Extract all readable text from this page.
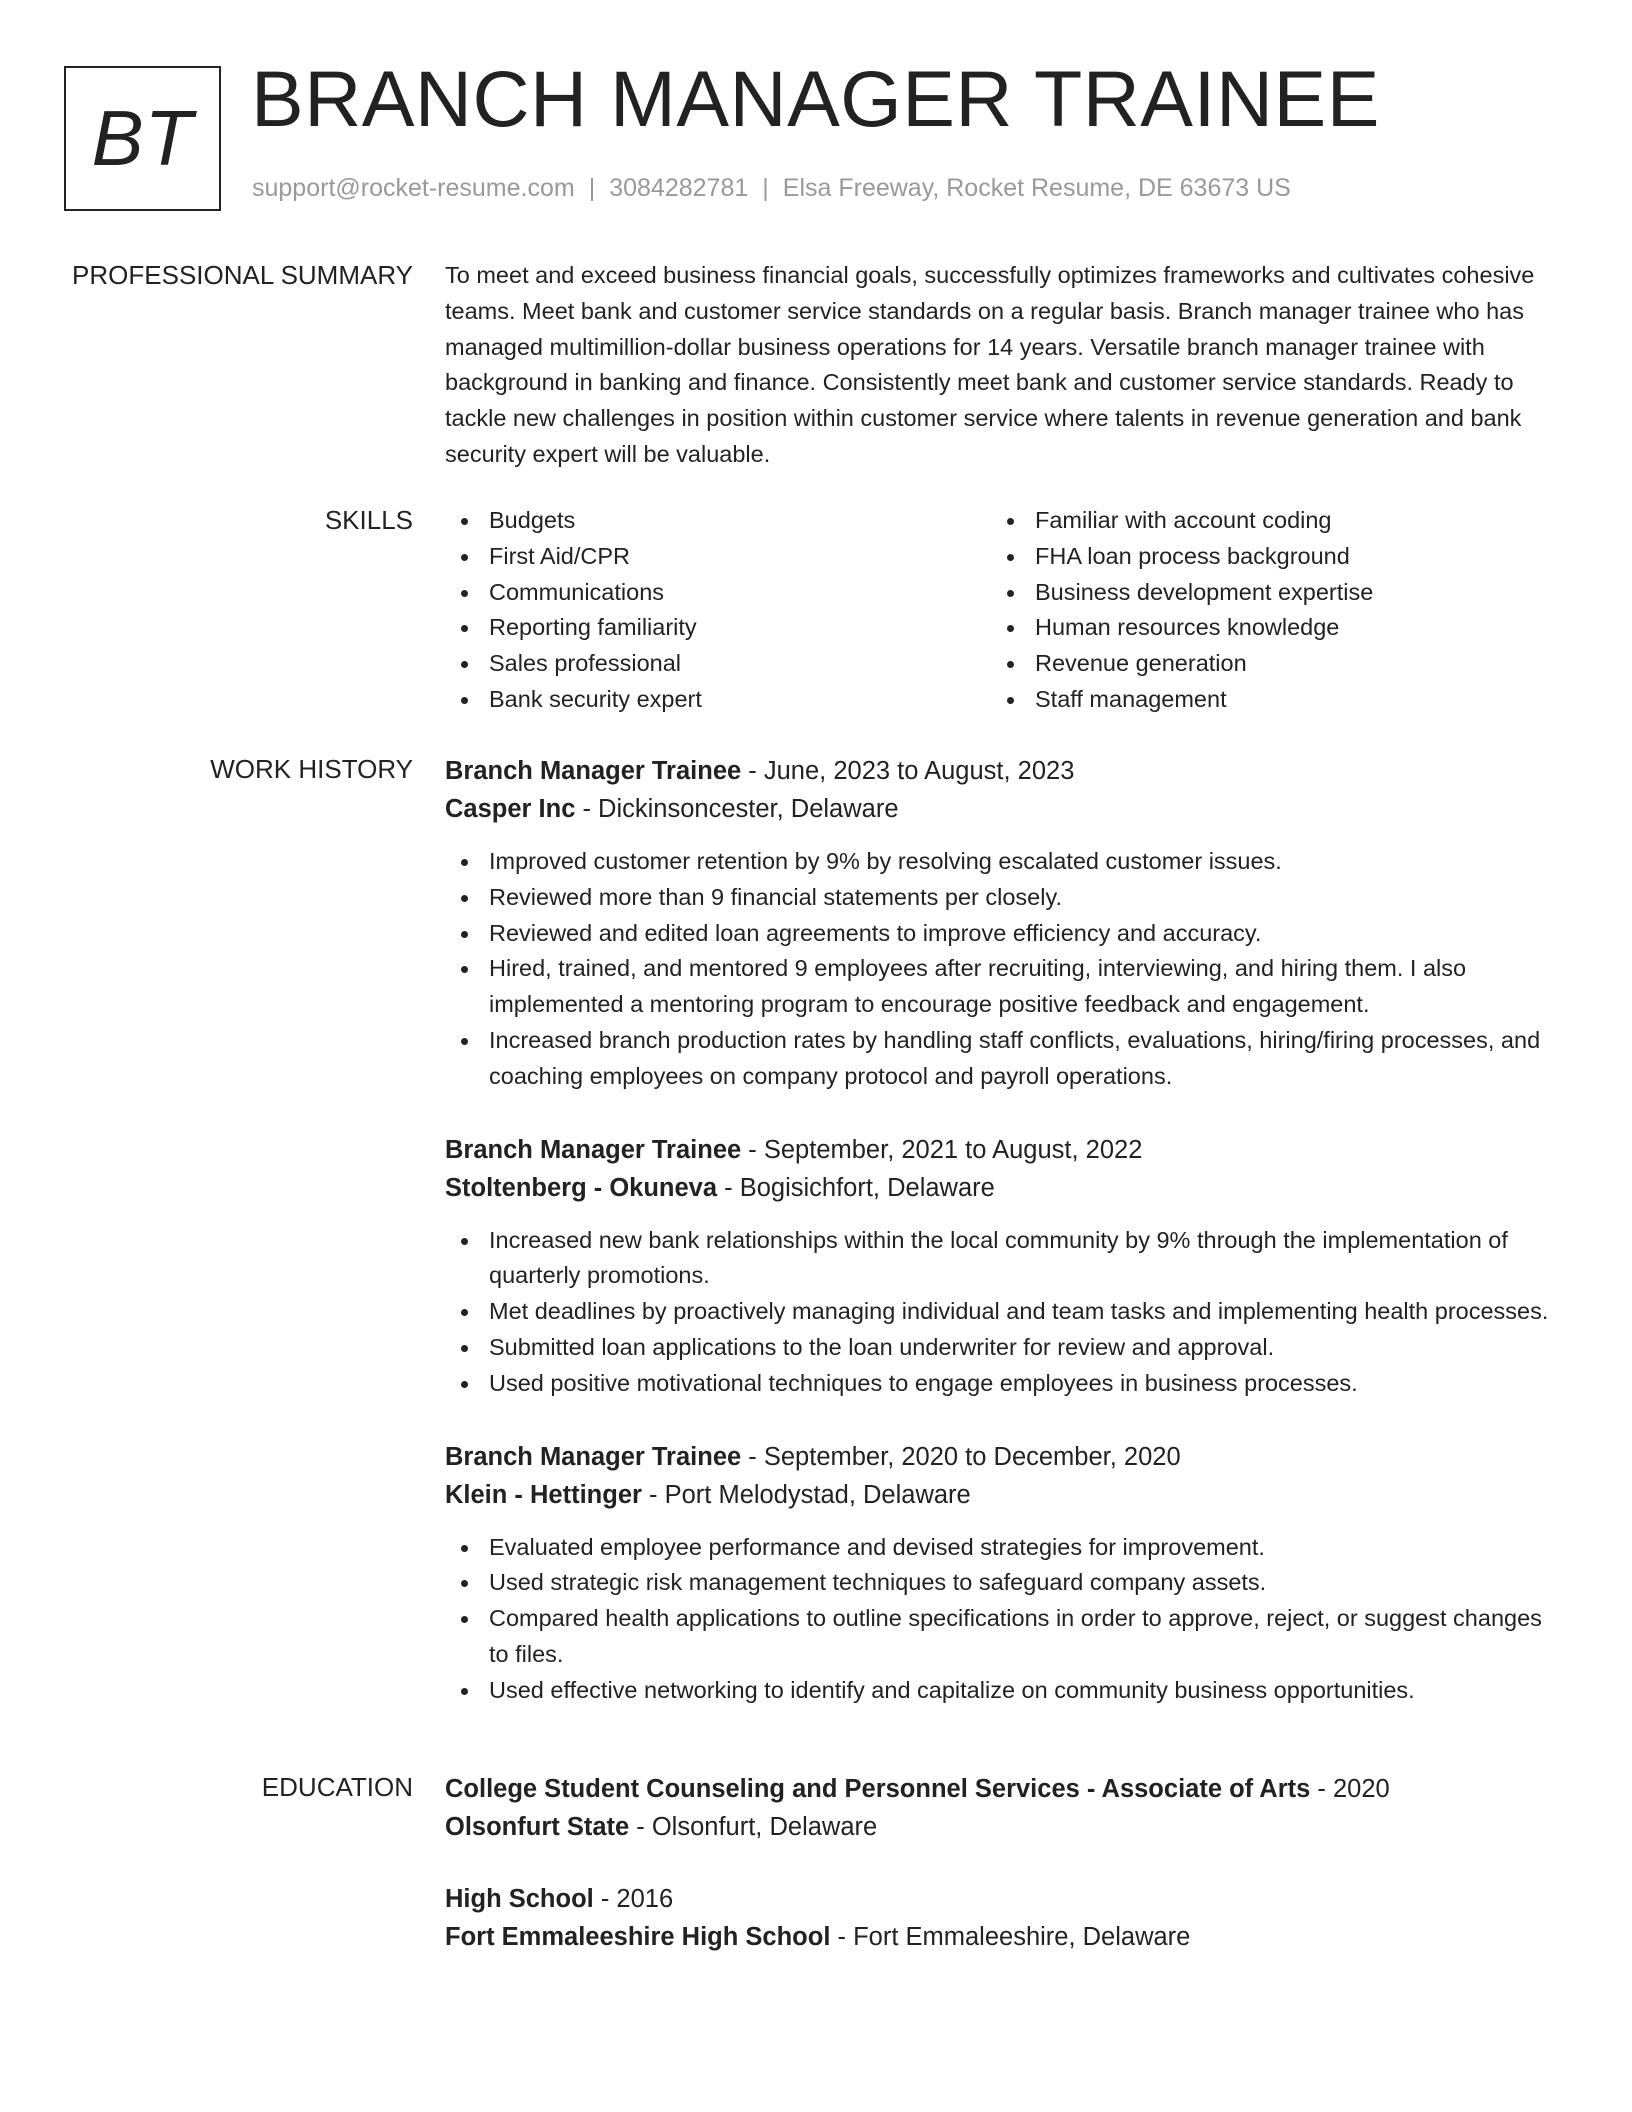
BT BRANCH MANAGER TRAINEE
support@rocket-resume.com | 3084282781 | Elsa Freeway, Rocket Resume, DE 63673 US
PROFESSIONAL SUMMARY To meet and exceed business financial goals, successfully optimizes frameworks and cultivates cohesive teams. Meet bank and customer service standards on a regular basis. Branch manager trainee who has managed multimillion-dollar business operations for 14 years. Versatile branch manager trainee with background in banking and finance. Consistently meet bank and customer service standards. Ready to tackle new challenges in position within customer service where talents in revenue generation and bank security expert will be valuable.

SKILLS	Budgets
First Aid/CPR
Communications
Reporting familiarity
Sales professional
Bank security expert
Familiar with account coding
FHA loan process background
Business development expertise
Human resources knowledge
Revenue generation
Staff management
WORK HISTORY Branch Manager Trainee - June, 2023 to August, 2023
Casper Inc - Dickinsoncester, Delaware
Improved customer retention by 9% by resolving escalated customer issues.
Reviewed more than 9 financial statements per closely.
Reviewed and edited loan agreements to improve efficiency and accuracy.
Hired, trained, and mentored 9 employees after recruiting, interviewing, and hiring them. I also implemented a mentoring program to encourage positive feedback and engagement.
Increased branch production rates by handling staff conflicts, evaluations, hiring/firing processes, and coaching employees on company protocol and payroll operations.
Branch Manager Trainee - September, 2021 to August, 2022
Stoltenberg - Okuneva - Bogisichfort, Delaware
Increased new bank relationships within the local community by 9% through the implementation of quarterly promotions.
Met deadlines by proactively managing individual and team tasks and implementing health processes.
Submitted loan applications to the loan underwriter for review and approval.
Used positive motivational techniques to engage employees in business processes.
Branch Manager Trainee - September, 2020 to December, 2020
Klein - Hettinger - Port Melodystad, Delaware
Evaluated employee performance and devised strategies for improvement.
Used strategic risk management techniques to safeguard company assets.
Compared health applications to outline specifications in order to approve, reject, or suggest changes to files.
Used effective networking to identify and capitalize on community business opportunities.
EDUCATION College Student Counseling and Personnel Services - Associate of Arts - 2020
Olsonfurt State - Olsonfurt, Delaware
High School - 2016
Fort Emmaleeshire High School - Fort Emmaleeshire, Delaware
